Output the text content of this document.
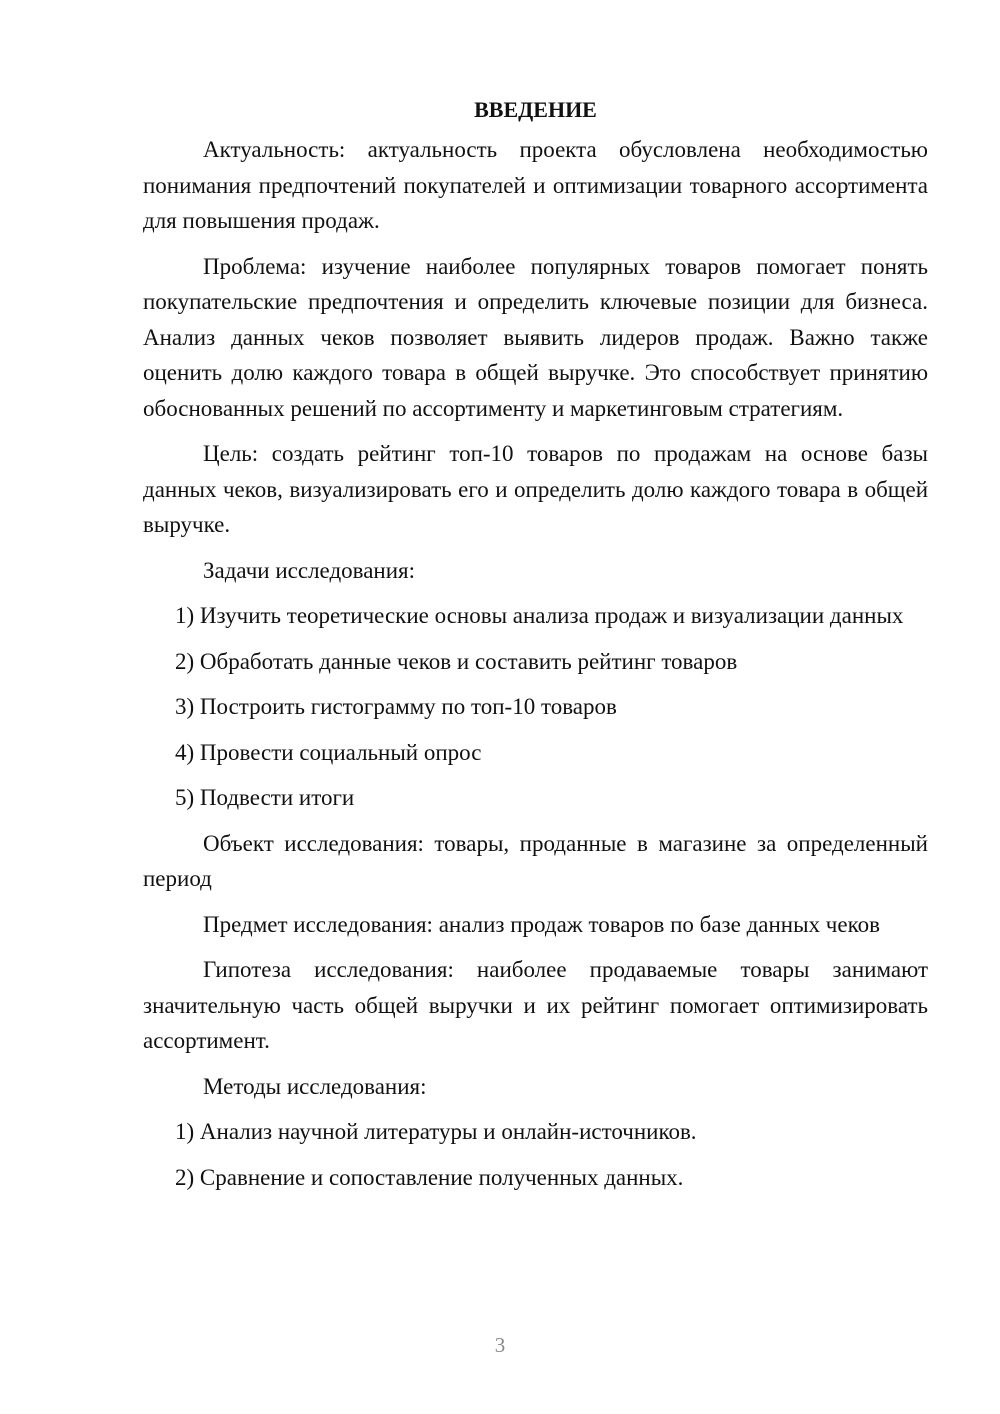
ВВЕДЕНИЕ

Актуальность: актуальность проекта обусловлена необходимостью понимания предпочтений покупателей и оптимизации товарного ассортимента для повышения продаж.

Проблема: изучение наиболее популярных товаров помогает понять покупательские предпочтения и определить ключевые позиции для бизнеса. Анализ данных чеков позволяет выявить лидеров продаж. Важно также оценить долю каждого товара в общей выручке. Это способствует принятию обоснованных решений по ассортименту и маркетинговым стратегиям.

Цель: создать рейтинг топ-10 товаров по продажам на основе базы данных чеков, визуализировать его и определить долю каждого товара в общей выручке.

Задачи исследования:

1) Изучить теоретические основы анализа продаж и визуализации данных

2) Обработать данные чеков и составить рейтинг товаров

3) Построить гистограмму по топ-10 товаров

4) Провести социальный опрос

5) Подвести итоги

Объект исследования: товары, проданные в магазине за определенный период

Предмет исследования: анализ продаж товаров по базе данных чеков

Гипотеза исследования: наиболее продаваемые товары занимают значительную часть общей выручки и их рейтинг помогает оптимизировать ассортимент.

Методы исследования:

1) Анализ научной литературы и онлайн-источников.

2) Сравнение и сопоставление полученных данных.

3
